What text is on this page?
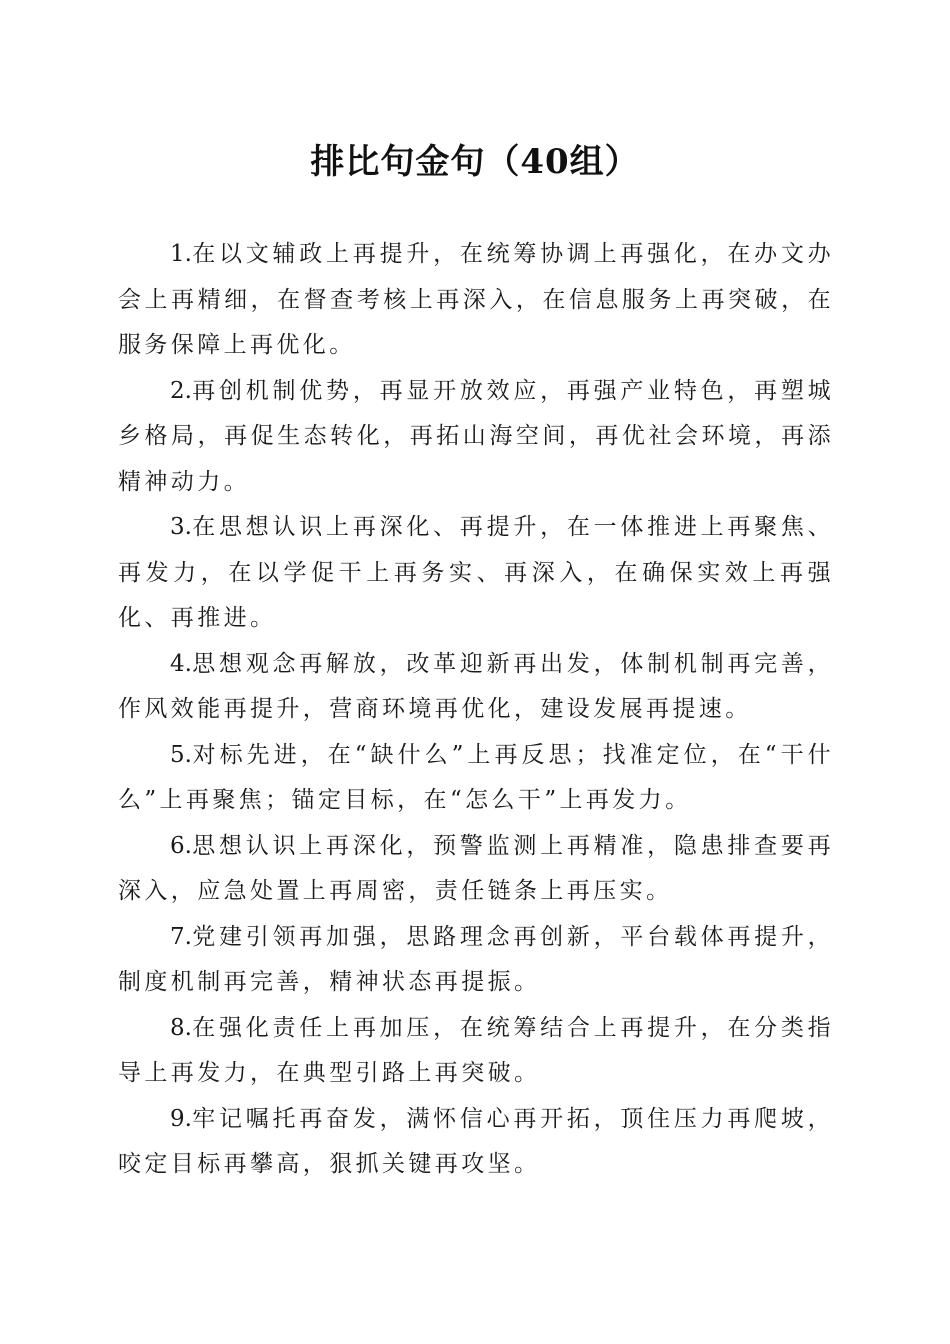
排比句金句（40组）

1.在以文辅政上再提升，在统筹协调上再强化，在办文办会上再精细，在督查考核上再深入，在信息服务上再突破，在服务保障上再优化。

2.再创机制优势，再显开放效应，再强产业特色，再塑城乡格局，再促生态转化，再拓山海空间，再优社会环境，再添精神动力。

3.在思想认识上再深化、再提升，在一体推进上再聚焦、再发力，在以学促干上再务实、再深入，在确保实效上再强化、再推进。

4.思想观念再解放，改革迎新再出发，体制机制再完善，作风效能再提升，营商环境再优化，建设发展再提速。

5.对标先进，在“缺什么”上再反思；找准定位，在“干什么”上再聚焦；锚定目标，在“怎么干”上再发力。

6.思想认识上再深化，预警监测上再精准，隐患排查要再深入，应急处置上再周密，责任链条上再压实。

7.党建引领再加强，思路理念再创新，平台载体再提升，制度机制再完善，精神状态再提振。

8.在强化责任上再加压，在统筹结合上再提升，在分类指导上再发力，在典型引路上再突破。

9.牢记嘱托再奋发，满怀信心再开拓，顶住压力再爬坡，咬定目标再攀高，狠抓关键再攻坚。
